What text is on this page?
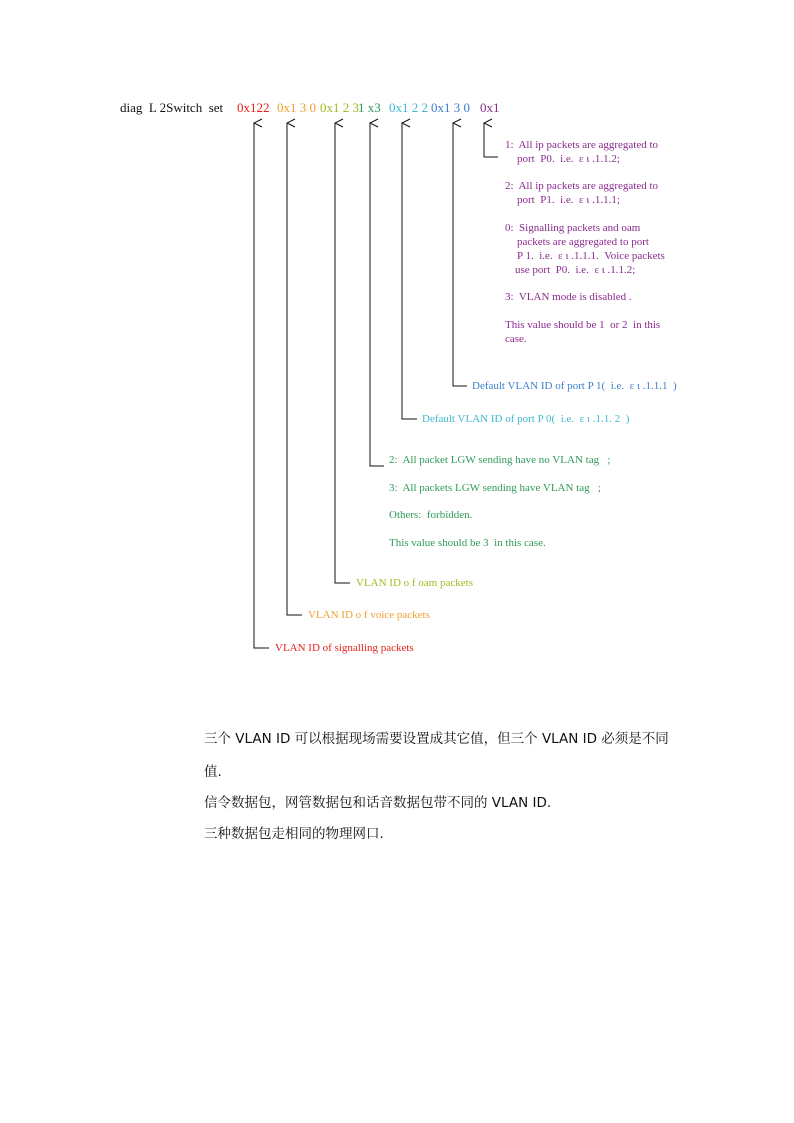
diag  L 2Switch  set 0x122 0x1 3 0 0x1 2 3 1 x3 0x1 2 2 0x1 3 0 0x1
1:  All ip packets are aggregated to
port  P0.  i.e.  ε ι .1.1.2;
2:  All ip packets are aggregated to
port  P1.  i.e.  ε ι .1.1.1;
0:  Signalling packets and oam
packets are aggregated to port
P 1.  i.e.  ε ι .1.1.1.  Voice packets
use port  P0.  i.e.  ε ι .1.1.2;
3:  VLAN mode is disabled .
This value should be 1  or 2  in this
case.
Default VLAN ID of port P 1(  i.e.  ε ι .1.1.1  )
Default VLAN ID of port P 0(  i.e.  ε ι .1.1. 2  )
2:  All packet LGW sending have no VLAN tag   ;
3:  All packets LGW sending have VLAN tag   ;
Others:  forbidden.
This value should be 3  in this case.
VLAN ID o f oam packets
VLAN ID o f voice packets
VLAN ID of signalling packets
三个 VLAN ID 可以根据现场需要设置成其它值，但三个 VLAN ID 必须是不同
值.
信令数据包，网管数据包和话音数据包带不同的 VLAN ID.
三种数据包走相同的物理网口.
